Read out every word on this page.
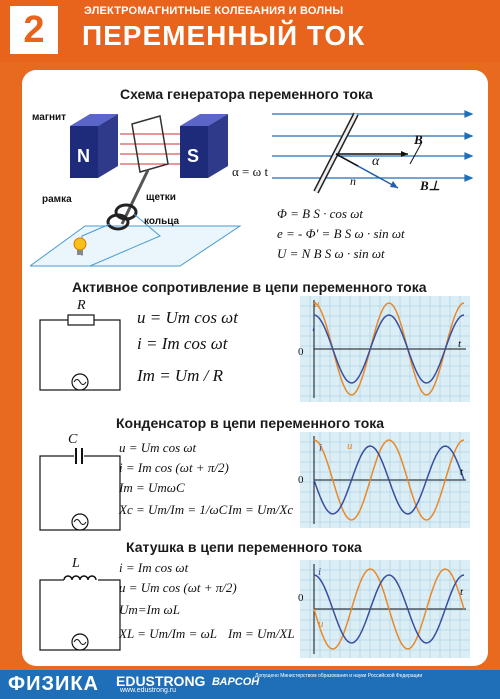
2	ЭЛЕКТРОМАГНИТНЫЕ КОЛЕБАНИЯ И ВОЛНЫ
ПЕРЕМЕННЫЙ ТОК
Схема генератора переменного тока
магнит
рамка	щетки
кольца
N	S
α = ω t
B
B⊥
n
α
Φ = B S · cos ωt
e = - Φ' = B S ω · sin ωt
U = N B S ω · sin ωt
Активное сопротивление в цепи переменного тока
R
u = Um cos ωt
i = Im cos ωt
Im = Um / R
u
i
0
t
Конденсатор в цепи переменного тока
C
u = Um cos ωt
i = Im cos (ωt + π/2)
Im = UmωC
Xc = Um/Im = 1/ωC Im = Um/Xc
i u
0
t
Катушка в цепи переменного тока
L	i = Im cos ωt
u = Um cos (ωt + π/2)
Um=Im ωL
XL = Um/Im = ωL Im = Um/XL
i
u
0	t
ФИЗИКА EDUSTRONG
www.edustrong.ru
ВАРСОН
Допущено Министерством образования и науки Российской Федерации
